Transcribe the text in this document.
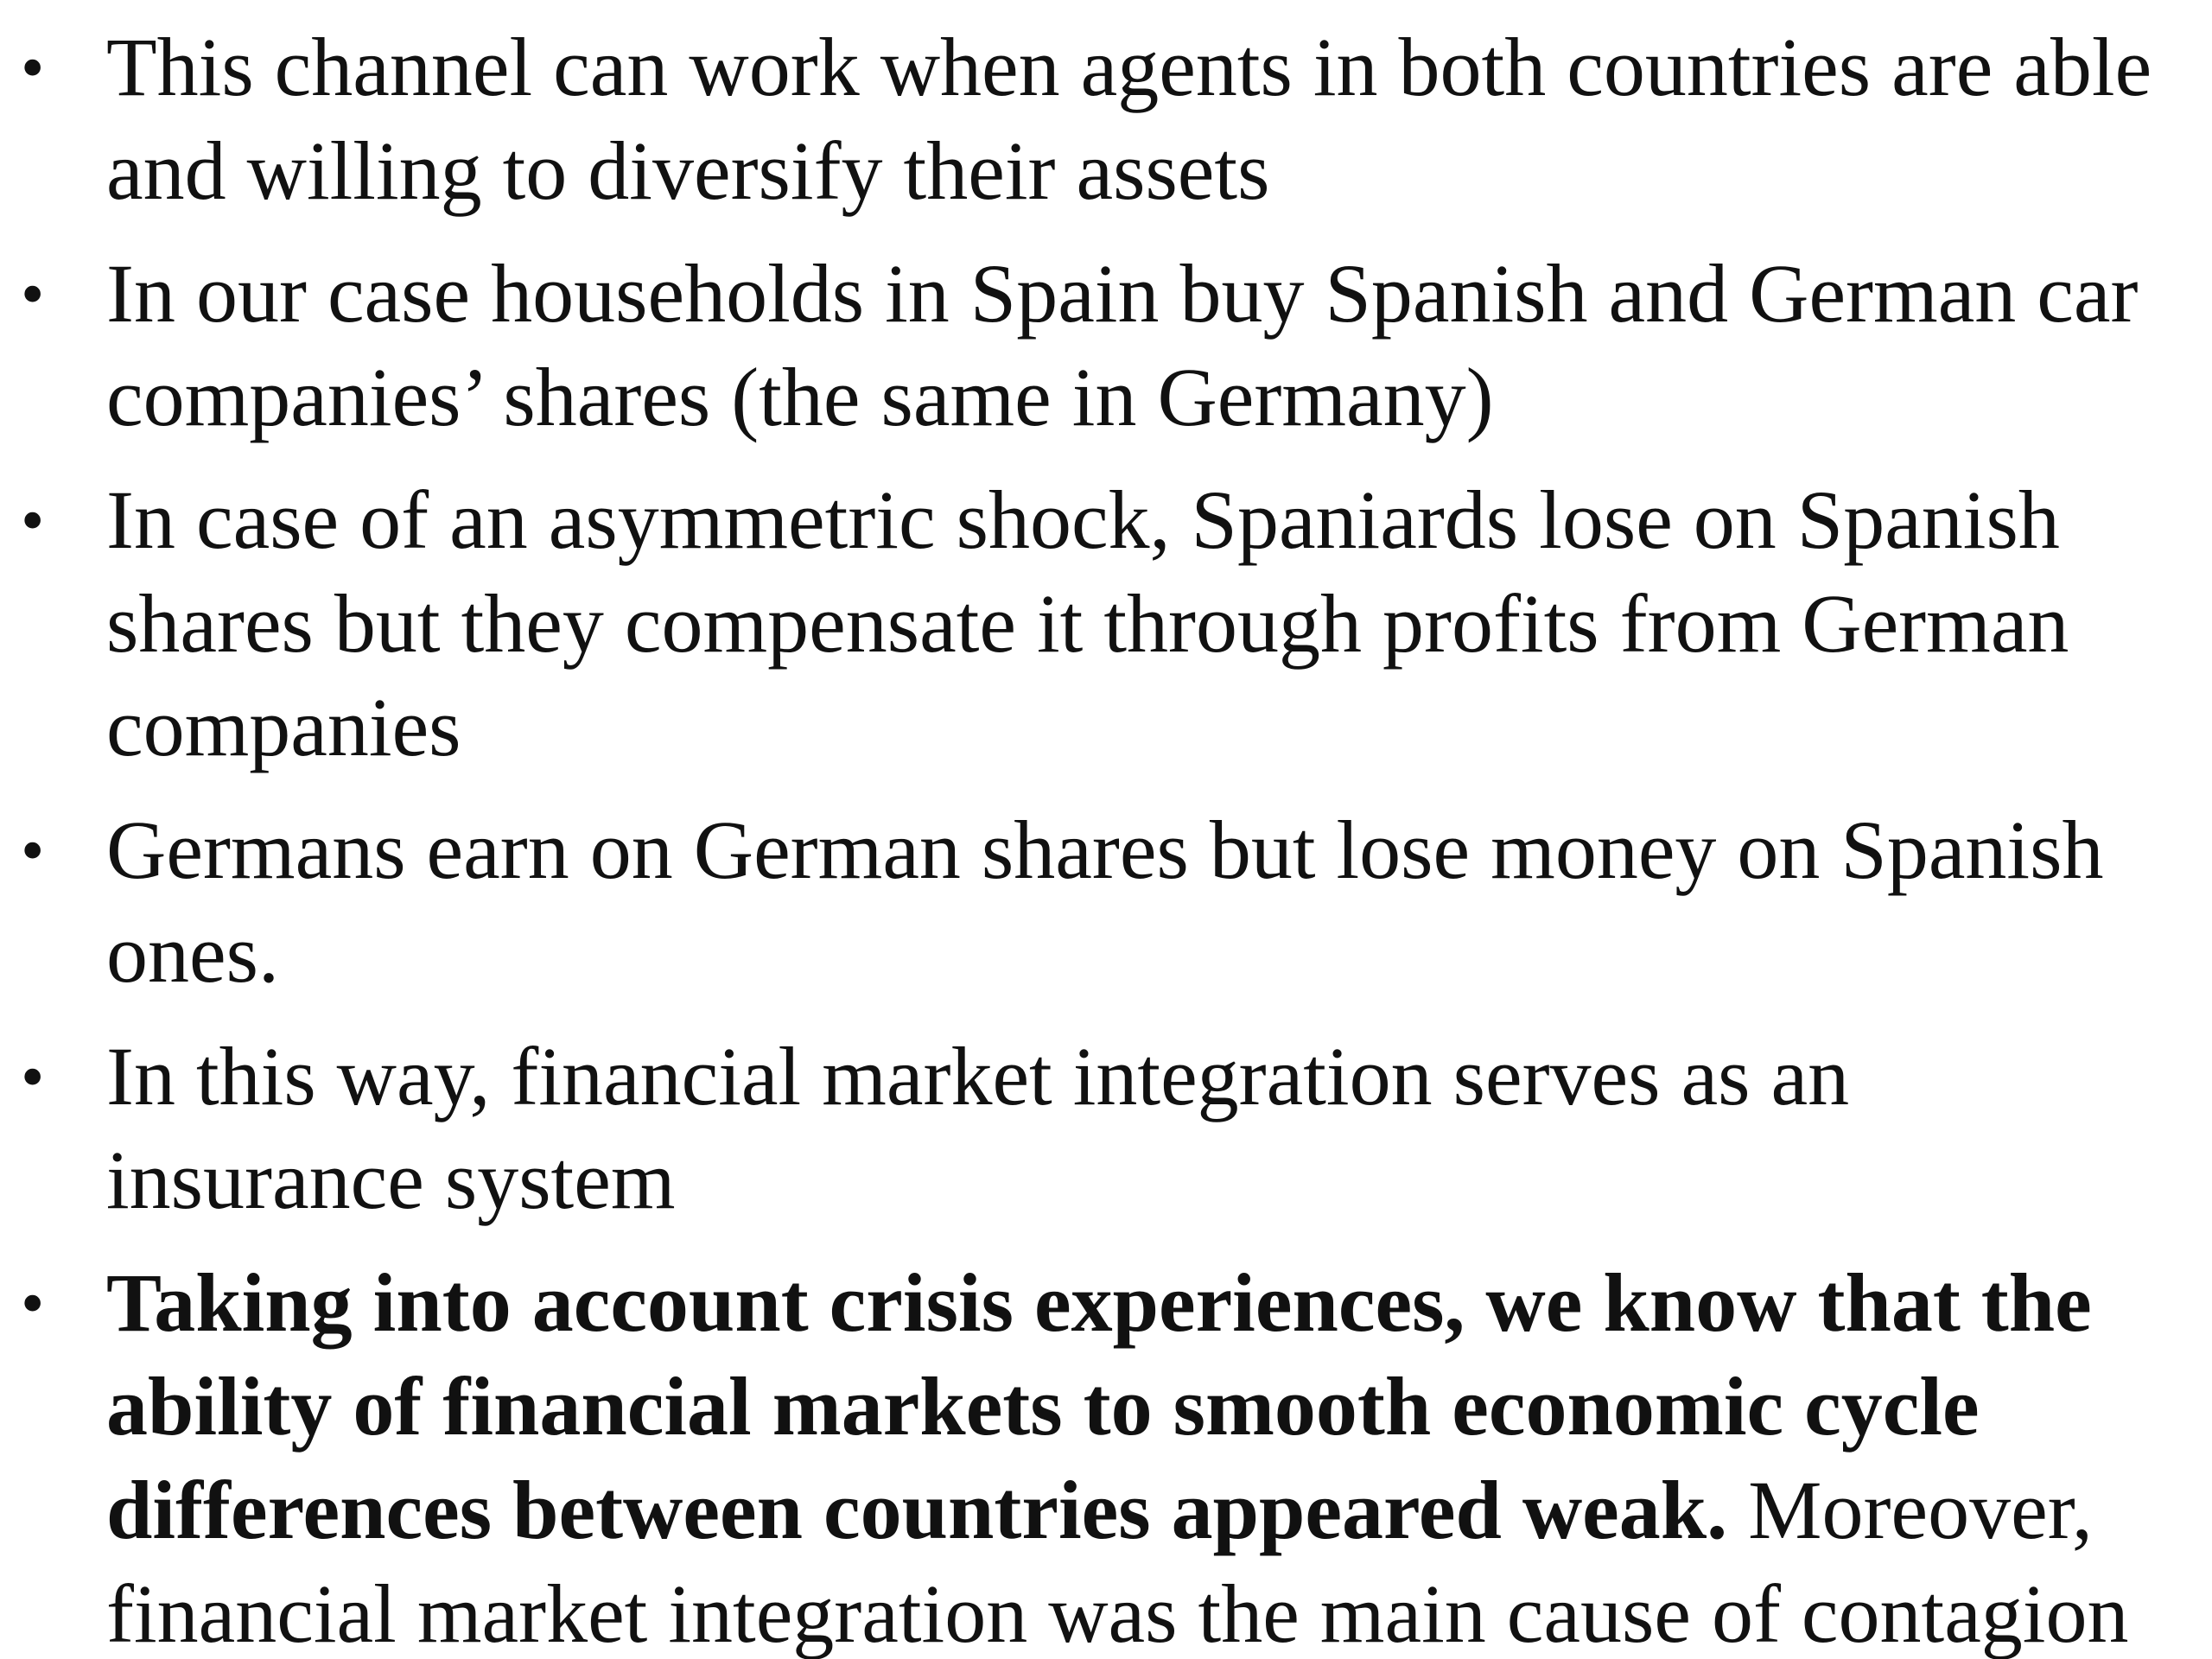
• This channel can work when agents in both countries are able and willing to diversify their assets
• In our case households in Spain buy Spanish and German car companies’ shares (the same in Germany)
• In case of an asymmetric shock, Spaniards lose on Spanish shares but they compensate it through profits from German companies
• Germans earn on German shares but lose money on Spanish ones.
• In this way, financial market integration serves as an insurance system
• Taking into account crisis experiences, we know that the ability of financial markets to smooth economic cycle differences between countries appeared weak. Moreover, financial market integration was the main cause of contagion
